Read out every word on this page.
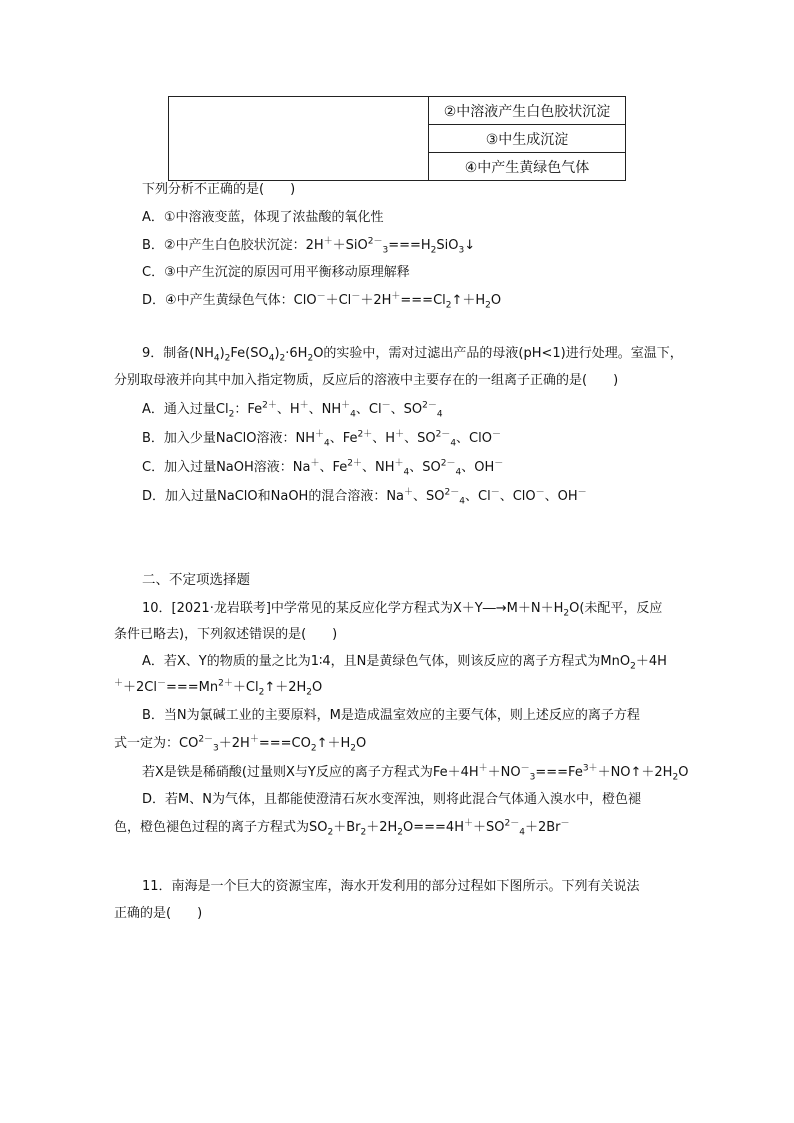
	②中溶液产生白色胶状沉淀
③中生成沉淀
④中产生黄绿色气体
下列分析不正确的是(　　)
A．①中溶液变蓝，体现了浓盐酸的氧化性
B．②中产生白色胶状沉淀：$2H^++SiO^{2-}_3===H_2SiO_3↓$
C．③中产生沉淀的原因可用平衡移动原理解释
D．④中产生黄绿色气体：$ClO^-+Cl^-+2H^+===Cl_2↑+H_2O$
9．制备$(NH_4)_2Fe(SO_4)_2\cdot 6H_2O$的实验中，需对过滤出产品的母液(pH<1)进行处理。室温下，
分别取母液并向其中加入指定物质，反应后的溶液中主要存在的一组离子正确的是(　　)
A．通入过量$Cl_2$：$Fe^{2+}$、H＋、$NH^+_4$、Cl－、$SO^{2-}_4$
B．加入少量NaClO溶液：$NH^+_4$、$Fe^{2+}$、H＋、$SO^{2-}_4$、ClO－
C．加入过量NaOH溶液：Na＋、$Fe^{2+}$、$NH^+_4$、$SO^{2-}_4$、OH－
D．加入过量NaClO和NaOH的混合溶液：Na＋、$SO^{2-}_4$、Cl－、ClO－、OH－
二、不定项选择题
10．[2021·龙岩联考]中学常见的某反应化学方程式为$X+Y―\to M+N+H_2O$(未配平，反应
条件已略去)，下列叙述错误的是(　　)
A．若X、Y的物质的量之比为1∶4，且N是黄绿色气体，则该反应的离子方程式为MnO$_2$＋4H
$^++2Cl^-===Mn^{2+}+Cl_2↑+2H_2O$
B．当N为氯碱工业的主要原料，M是造成温室效应的主要气体，则上述反应的离子方程
式一定为：$CO^{2-}_3+2H^+===CO_2↑+H_2O$
若X是铁是稀硝酸(过量则X与Y反应的离子方程式为$Fe+4H^++NO^-_3===Fe^{3+}+NO↑+2H_2O$
D．若M、N为气体，且都能使澄清石灰水变浑浊，则将此混合气体通入溴水中，橙色褪
色，橙色褪色过程的离子方程式为$SO_2+Br_2+2H_2O===4H^++SO^{2-}_4+2Br^-$
11．南海是一个巨大的资源宝库，海水开发利用的部分过程如下图所示。下列有关说法
正确的是(　　)
